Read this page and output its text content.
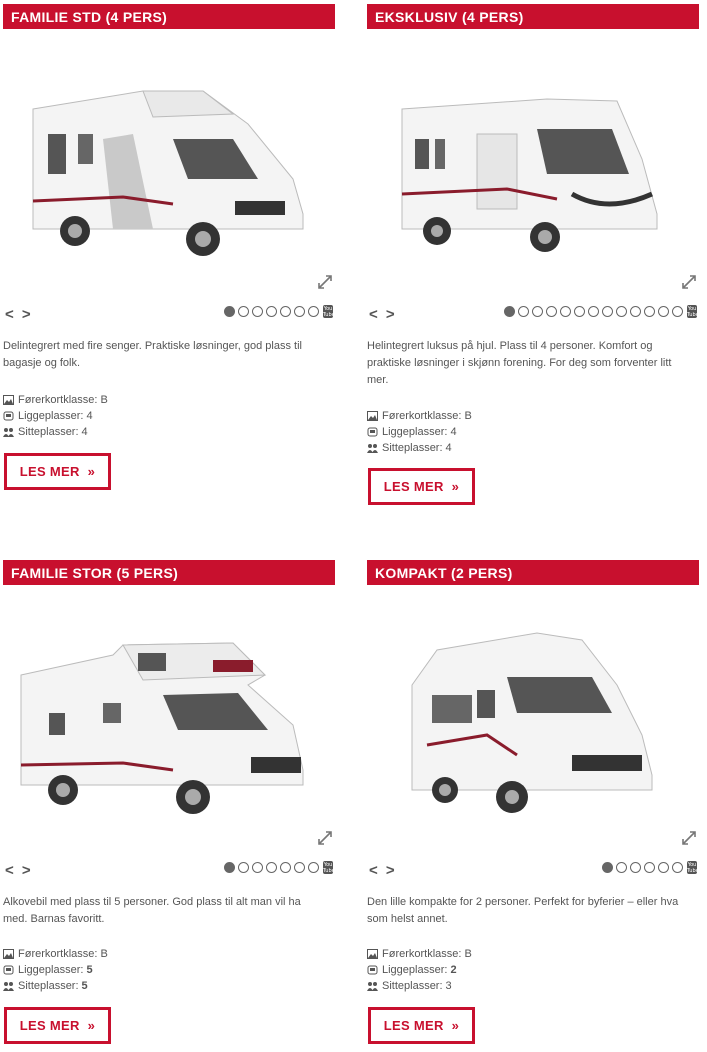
FAMILIE STD (4 PERS)
< >	You
Tube
Delintegrert med fire senger. Praktiske løsninger, god plass til bagasje og folk.
Førerkortklasse: B
Liggeplasser: 4
Sitteplasser: 4
LES MER »
EKSKLUSIV (4 PERS)
< >	You
Tube
Helintegrert luksus på hjul. Plass til 4 personer. Komfort og praktiske løsninger i skjønn forening. For deg som forventer litt mer.
Førerkortklasse: B
Liggeplasser: 4
Sitteplasser: 4
LES MER »
FAMILIE STOR (5 PERS)
< >	You
Tube
Alkovebil med plass til 5 personer. God plass til alt man vil ha med. Barnas favoritt.
Førerkortklasse: B
Liggeplasser: 5
Sitteplasser: 5
LES MER »
KOMPAKT (2 PERS)
< >	You
Tube
Den lille kompakte for 2 personer. Perfekt for byferier – eller hva som helst annet.
Førerkortklasse: B
Liggeplasser: 2
Sitteplasser: 3
LES MER »
